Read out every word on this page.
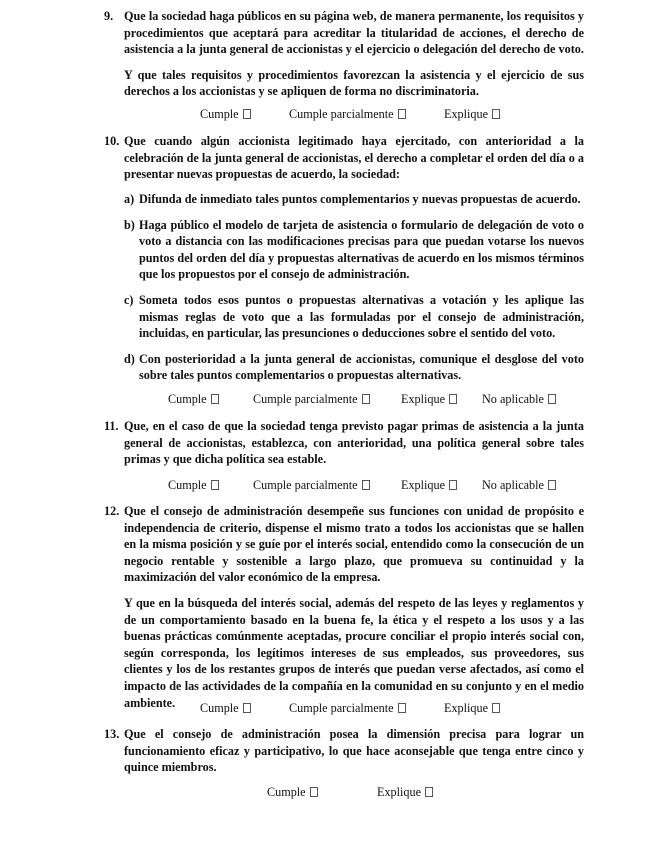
9. Que la sociedad haga públicos en su página web, de manera permanente, los requisitos y procedimientos que aceptará para acreditar la titularidad de acciones, el derecho de asistencia a la junta general de accionistas y el ejercicio o delegación del derecho de voto.

Y que tales requisitos y procedimientos favorezcan la asistencia y el ejercicio de sus derechos a los accionistas y se apliquen de forma no discriminatoria.

Cumple	Cumple parcialmente	Explique
10. Que cuando algún accionista legitimado haya ejercitado, con anterioridad a la celebración de la junta general de accionistas, el derecho a completar el orden del día o a presentar nuevas propuestas de acuerdo, la sociedad:

a) Difunda de inmediato tales puntos complementarios y nuevas propuestas de acuerdo.
b) Haga público el modelo de tarjeta de asistencia o formulario de delegación de voto o voto a distancia con las modificaciones precisas para que puedan votarse los nuevos puntos del orden del día y propuestas alternativas de acuerdo en los mismos términos que los propuestos por el consejo de administración.
c) Sometа todos esos puntos o propuestas alternativas a votación y les aplique las mismas reglas de voto que a las formuladas por el consejo de administración, incluidas, en particular, las presunciones o deducciones sobre el sentido del voto.
d) Con posterioridad a la junta general de accionistas, comunique el desglose del voto sobre tales puntos complementarios o propuestas alternativas.
Cumple	Cumple parcialmente	Explique	No aplicable
11. Que, en el caso de que la sociedad tenga previsto pagar primas de asistencia a la junta general de accionistas, establezca, con anterioridad, una política general sobre tales primas y que dicha política sea estable.

Cumple	Cumple parcialmente	Explique	No aplicable
12. Que el consejo de administración desempeñe sus funciones con unidad de propósito e independencia de criterio, dispense el mismo trato a todos los accionistas que se hallen en la misma posición y se guíe por el interés social, entendido como la consecución de un negocio rentable y sostenible a largo plazo, que promueva su continuidad y la maximización del valor económico de la empresa.

Y que en la búsqueda del interés social, además del respeto de las leyes y reglamentos y de un comportamiento basado en la buena fe, la ética y el respeto a los usos y a las buenas prácticas comúnmente aceptadas, procure conciliar el propio interés social con, según corresponda, los legítimos intereses de sus empleados, sus proveedores, sus clientes y los de los restantes grupos de interés que puedan verse afectados, así como el impacto de las actividades de la compañía en la comunidad en su conjunto y en el medio ambiente.	Cumple	Cumple parcialmente	Explique
13. Que el consejo de administración posea la dimensión precisa para lograr un funcionamiento eficaz y participativo, lo que hace aconsejable que tenga entre cinco y quince miembros.

Cumple	Explique
